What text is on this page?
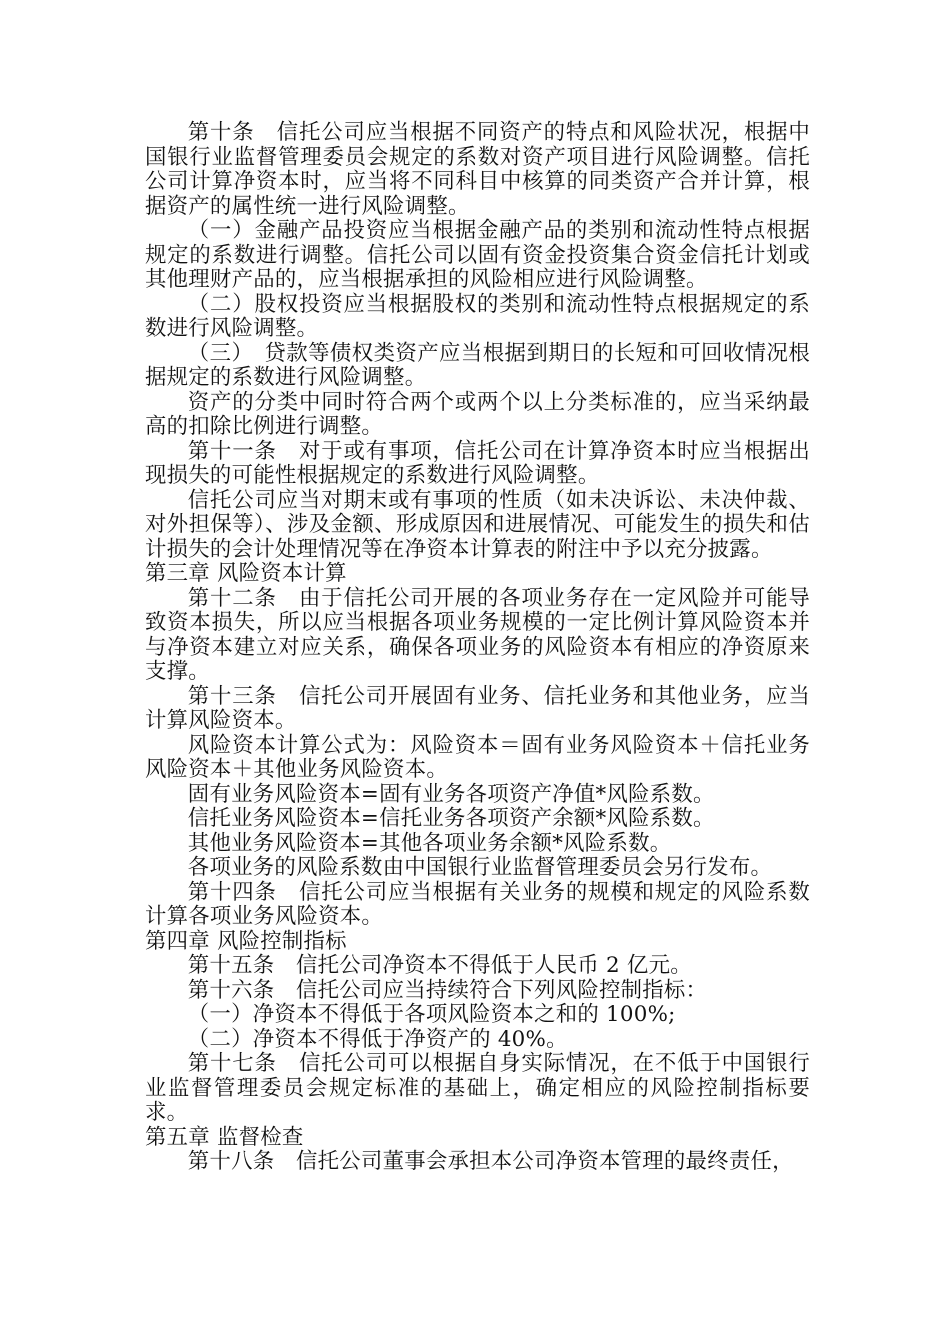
第十条　信托公司应当根据不同资产的特点和风险状况，根据中国银行业监督管理委员会规定的系数对资产项目进行风险调整。信托公司计算净资本时，应当将不同科目中核算的同类资产合并计算，根据资产的属性统一进行风险调整。

（一）金融产品投资应当根据金融产品的类别和流动性特点根据规定的系数进行调整。信托公司以固有资金投资集合资金信托计划或其他理财产品的，应当根据承担的风险相应进行风险调整。

（二）股权投资应当根据股权的类别和流动性特点根据规定的系数进行风险调整。

（三）　贷款等债权类资产应当根据到期日的长短和可回收情况根据规定的系数进行风险调整。

资产的分类中同时符合两个或两个以上分类标准的，应当采纳最高的扣除比例进行调整。

第十一条　对于或有事项，信托公司在计算净资本时应当根据出现损失的可能性根据规定的系数进行风险调整。

信托公司应当对期末或有事项的性质（如未决诉讼、未决仲裁、对外担保等）、涉及金额、形成原因和进展情况、可能发生的损失和估计损失的会计处理情况等在净资本计算表的附注中予以充分披露。

第三章 风险资本计算

第十二条　由于信托公司开展的各项业务存在一定风险并可能导致资本损失，所以应当根据各项业务规模的一定比例计算风险资本并与净资本建立对应关系，确保各项业务的风险资本有相应的净资原来支撑。

第十三条　信托公司开展固有业务、信托业务和其他业务，应当计算风险资本。

风险资本计算公式为：风险资本＝固有业务风险资本＋信托业务风险资本＋其他业务风险资本。

固有业务风险资本=固有业务各项资产净值*风险系数。

信托业务风险资本=信托业务各项资产余额*风险系数。

其他业务风险资本=其他各项业务余额*风险系数。

各项业务的风险系数由中国银行业监督管理委员会另行发布。

第十四条　信托公司应当根据有关业务的规模和规定的风险系数计算各项业务风险资本。

第四章 风险控制指标

第十五条　信托公司净资本不得低于人民币 2 亿元。

第十六条　信托公司应当持续符合下列风险控制指标：

（一）净资本不得低于各项风险资本之和的 100%;

（二）净资本不得低于净资产的 40%。

第十七条　信托公司可以根据自身实际情况，在不低于中国银行业监督管理委员会规定标准的基础上，确定相应的风险控制指标要求。

第五章 监督检查

第十八条　信托公司董事会承担本公司净资本管理的最终责任，
